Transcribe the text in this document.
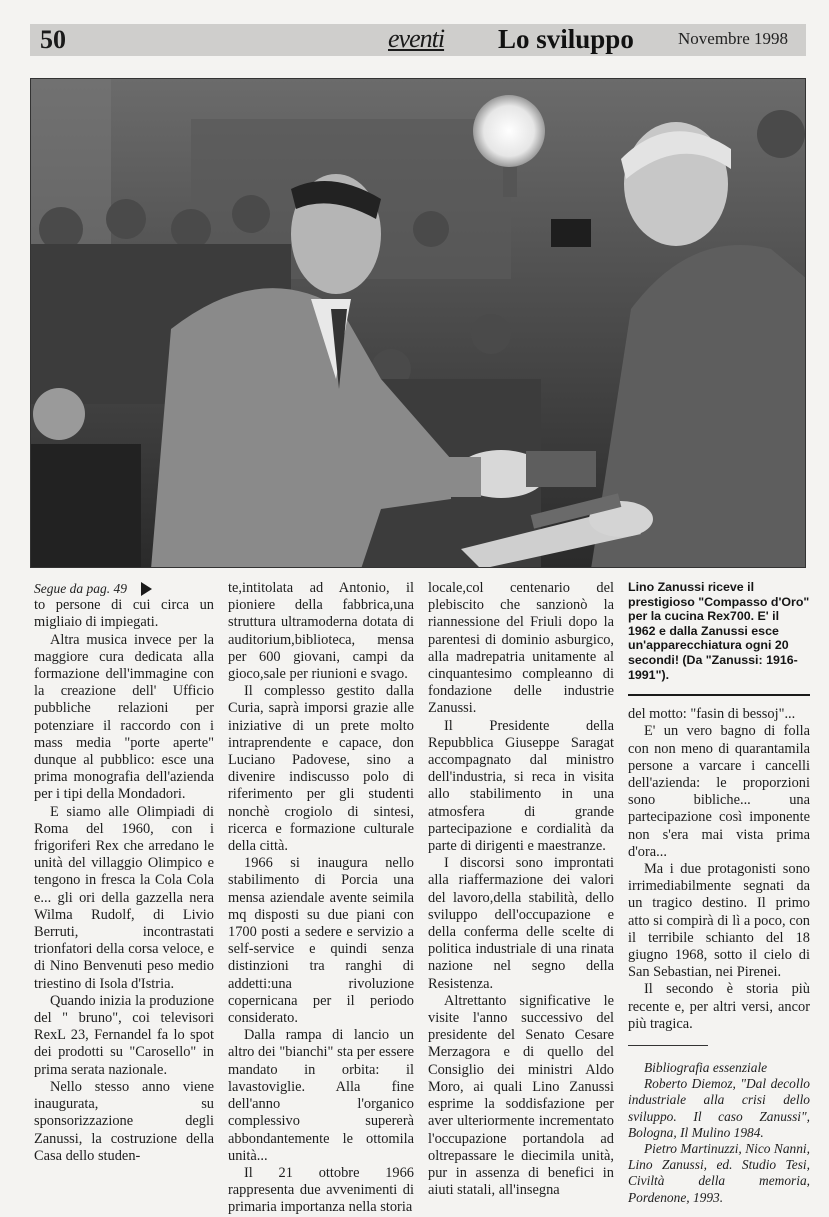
50	eventi Lo sviluppo	Novembre 1998

Segue da pag. 49

to persone di cui circa un migliaio di impiegati.

Altra musica invece per la maggiore cura dedicata alla formazione dell'immagine con la creazione dell' Ufficio pubbliche relazioni per potenziare il raccordo con i mass media "porte aperte" dunque al pubblico: esce una prima monografia dell'azienda per i tipi della Mondadori.

E siamo alle Olimpiadi di Roma del 1960, con i frigoriferi Rex che arredano le unità del villaggio Olimpico e tengono in fresca la Cola Cola e... gli ori della gazzella nera Wilma Rudolf, di Livio Berruti, incontrastati trionfatori della corsa veloce, e di Nino Benvenuti peso medio triestino di Isola d'Istria.

Quando inizia la produzione del " bruno", coi televisori RexL 23, Fernandel fa lo spot dei prodotti su "Carosello" in prima serata nazionale.

Nello stesso anno viene inaugurata, su sponsorizzazione degli Zanussi, la costruzione della Casa dello studen-

te,intitolata ad Antonio, il pioniere della fabbrica,una struttura ultramoderna dotata di auditorium,biblioteca, mensa per 600 giovani, campi da gioco,sale per riunioni e svago.

Il complesso gestito dalla Curia, saprà imporsi grazie alle iniziative di un prete molto intraprendente e capace, don Luciano Padovese, sino a divenire indiscusso polo di riferimento per gli studenti nonchè crogiolo di sintesi, ricerca e formazione culturale della città.

1966 si inaugura nello stabilimento di Porcia una mensa aziendale avente seimila mq disposti su due piani con 1700 posti a sedere e servizio a self-service e quindi senza distinzioni tra ranghi di addetti:una rivoluzione copernicana per il periodo considerato.

Dalla rampa di lancio un altro dei "bianchi" sta per essere mandato in orbita: il lavastoviglie. Alla fine dell'anno l'organico complessivo supererà abbondantemente le ottomila unità...

Il 21 ottobre 1966 rappresenta due avvenimenti di primaria importanza nella storia

locale,col centenario del plebiscito che sanzionò la riannessione del Friuli dopo la parentesi di dominio asburgico, alla madrepatria unitamente al cinquantesimo compleanno di fondazione delle industrie Zanussi.

Il Presidente della Repubblica Giuseppe Saragat accompagnato dal ministro dell'industria, si reca in visita allo stabilimento in una atmosfera di grande partecipazione e cordialità da parte di dirigenti e maestranze.

I discorsi sono improntati alla riaffermazione dei valori del lavoro,della stabilità, dello sviluppo dell'occupazione e della conferma delle scelte di politica industriale di una rinata nazione nel segno della Resistenza.

Altrettanto significative le visite l'anno successivo del presidente del Senato Cesare Merzagora e di quello del Consiglio dei ministri Aldo Moro, ai quali Lino Zanussi esprime la soddisfazione per aver ulteriormente incrementato l'occupazione portandola ad oltrepassare le diecimila unità, pur in assenza di benefici in aiuti statali, all'insegna

Lino Zanussi riceve il prestigioso "Compasso d'Oro" per la cucina Rex700. E' il 1962 e dalla Zanussi esce un'apparecchiatura ogni 20 secondi! (Da "Zanussi: 1916-1991").

del motto: "fasin di bessoj"...

E' un vero bagno di folla con non meno di quarantamila persone a varcare i cancelli dell'azienda: le proporzioni sono bibliche... una partecipazione così imponente non s'era mai vista prima d'ora...

Ma i due protagonisti sono irrimediabilmente segnati da un tragico destino. Il primo atto si compirà di lì a poco, con il terribile schianto del 18 giugno 1968, sotto il cielo di San Sebastian, nei Pirenei.

Il secondo è storia più recente e, per altri versi, ancor più tragica.

Bibliografia essenziale

Roberto Diemoz, "Dal decollo industriale alla crisi dello sviluppo. Il caso Zanussi", Bologna, Il Mulino 1984.

Pietro Martinuzzi, Nico Nanni, Lino Zanussi, ed. Studio Tesi, Civiltà della memoria, Pordenone, 1993.
